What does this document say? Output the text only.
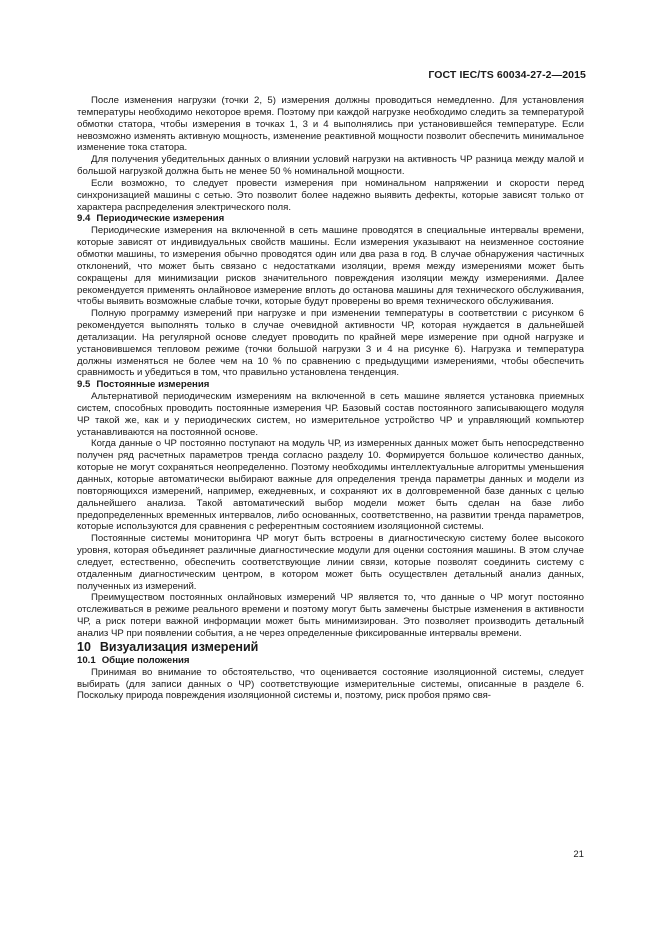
ГОСТ IEC/TS 60034-27-2—2015

После изменения нагрузки (точки 2, 5) измерения должны проводиться немедленно. Для установления температуры необходимо некоторое время. Поэтому при каждой нагрузке необходимо следить за температурой обмотки статора, чтобы измерения в точках 1, 3 и 4 выполнялись при установившейся температуре. Если невозможно изменять активную мощность, изменение реактивной мощности позволит обеспечить минимальное изменение тока статора.

Для получения убедительных данных о влиянии условий нагрузки на активность ЧР разница между малой и большой нагрузкой должна быть не менее 50 % номинальной мощности.

Если возможно, то следует провести измерения при номинальном напряжении и скорости перед синхронизацией машины с сетью. Это позволит более надежно выявить дефекты, которые зависят только от характера распределения электрического поля.

9.4 Периодические измерения

Периодические измерения на включенной в сеть машине проводятся в специальные интервалы времени, которые зависят от индивидуальных свойств машины. Если измерения указывают на неизменное состояние обмотки машины, то измерения обычно проводятся один или два раза в год. В случае обнаружения частичных отклонений, что может быть связано с недостатками изоляции, время между измерениями может быть сокращены для минимизации рисков значительного повреждения изоляции между измерениями. Далее рекомендуется применять онлайновое измерение вплоть до останова машины для технического обслуживания, чтобы выявить возможные слабые точки, которые будут проверены во время технического обслуживания.

Полную программу измерений при нагрузке и при изменении температуры в соответствии с рисунком 6 рекомендуется выполнять только в случае очевидной активности ЧР, которая нуждается в дальнейшей детализации. На регулярной основе следует проводить по крайней мере измерение при одной нагрузке и установившемся тепловом режиме (точки большой нагрузки 3 и 4 на рисунке 6). Нагрузка и температура должны изменяться не более чем на 10 % по сравнению с предыдущими измерениями, чтобы обеспечить сравнимость и убедиться в том, что правильно установлена тенденция.

9.5 Постоянные измерения

Альтернативой периодическим измерениям на включенной в сеть машине является установка приемных систем, способных проводить постоянные измерения ЧР. Базовый состав постоянного записывающего модуля ЧР такой же, как и у периодических систем, но измерительное устройство ЧР и управляющий компьютер устанавливаются на постоянной основе.

Когда данные о ЧР постоянно поступают на модуль ЧР, из измеренных данных может быть непосредственно получен ряд расчетных параметров тренда согласно разделу 10. Формируется большое количество данных, которые не могут сохраняться неопределенно. Поэтому необходимы интеллектуальные алгоритмы уменьшения данных, которые автоматически выбирают важные для определения тренда параметры данных и модели из повторяющихся измерений, например, ежедневных, и сохраняют их в долговременной базе данных с целью дальнейшего анализа. Такой автоматический выбор модели может быть сделан на базе либо предопределенных временных интервалов, либо основанных, соответственно, на развитии тренда параметров, которые используются для сравнения с референтным состоянием изоляционной системы.

Постоянные системы мониторинга ЧР могут быть встроены в диагностическую систему более высокого уровня, которая объединяет различные диагностические модули для оценки состояния машины. В этом случае следует, естественно, обеспечить соответствующие линии связи, которые позволят соединить систему с отдаленным диагностическим центром, в котором может быть осуществлен детальный анализ данных, полученных из измерений.

Преимуществом постоянных онлайновых измерений ЧР является то, что данные о ЧР могут постоянно отслеживаться в режиме реального времени и поэтому могут быть замечены быстрые изменения в активности ЧР, а риск потери важной информации может быть минимизирован. Это позволяет производить детальный анализ ЧР при появлении события, а не через определенные фиксированные интервалы времени.

10 Визуализация измерений

10.1 Общие положения

Принимая во внимание то обстоятельство, что оценивается состояние изоляционной системы, следует выбирать (для записи данных о ЧР) соответствующие измерительные системы, описанные в разделе 6. Поскольку природа повреждения изоляционной системы и, поэтому, риск пробоя прямо свя-

21
